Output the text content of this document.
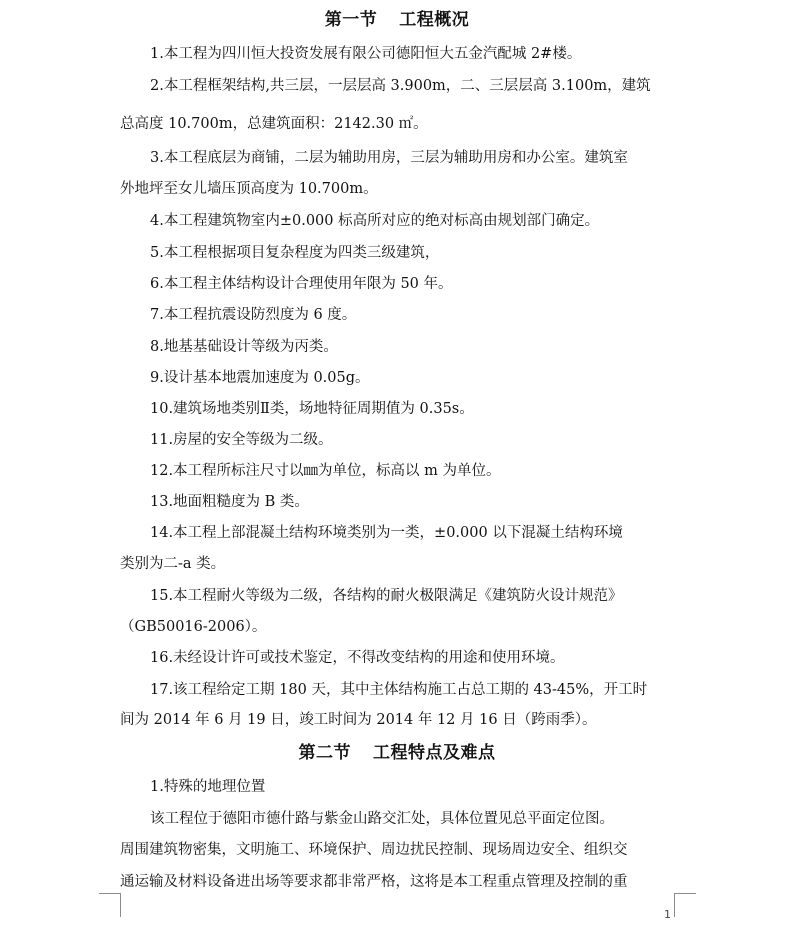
第一节 工程概况
1.本工程为四川恒大投资发展有限公司德阳恒大五金汽配城 2#楼。
2.本工程框架结构,共三层，一层层高 3.900m，二、三层层高 3.100m，建筑
总高度 10.700m，总建筑面积：2142.30 ㎡。
3.本工程底层为商铺，二层为辅助用房，三层为辅助用房和办公室。建筑室
外地坪至女儿墙压顶高度为 10.700m。
4.本工程建筑物室内±0.000 标高所对应的绝对标高由规划部门确定。
5.本工程根据项目复杂程度为四类三级建筑，
6.本工程主体结构设计合理使用年限为 50 年。
7.本工程抗震设防烈度为 6 度。
8.地基基础设计等级为丙类。
9.设计基本地震加速度为 0.05g。
10.建筑场地类别Ⅱ类，场地特征周期值为 0.35s。
11.房屋的安全等级为二级。
12.本工程所标注尺寸以㎜为单位，标高以 m 为单位。
13.地面粗糙度为 B 类。
14.本工程上部混凝土结构环境类别为一类，±0.000 以下混凝土结构环境
类别为二-a 类。
15.本工程耐火等级为二级，各结构的耐火极限满足《建筑防火设计规范》
（GB50016-2006）。
16.未经设计许可或技术鉴定，不得改变结构的用途和使用环境。
17.该工程给定工期 180 天，其中主体结构施工占总工期的 43-45%，开工时
间为 2014 年 6 月 19 日，竣工时间为 2014 年 12 月 16 日（跨雨季）。
第二节 工程特点及难点
1.特殊的地理位置
该工程位于德阳市德什路与紫金山路交汇处，具体位置见总平面定位图。
周围建筑物密集，文明施工、环境保护、周边扰民控制、现场周边安全、组织交
通运输及材料设备进出场等要求都非常严格，这将是本工程重点管理及控制的重
1
